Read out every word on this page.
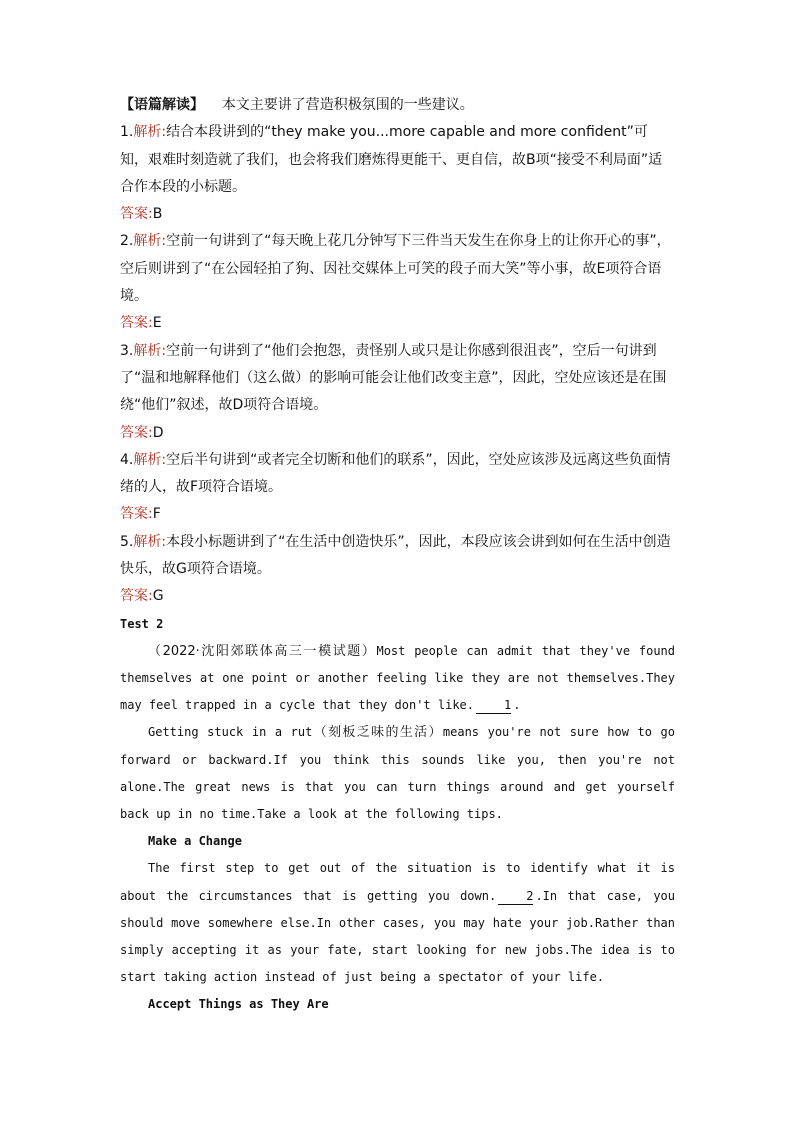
【语篇解读】 本文主要讲了营造积极氛围的一些建议。

1.解析:结合本段讲到的“they make you...more capable and more confident”可知，艰难时刻造就了我们，也会将我们磨炼得更能干、更自信，故B项“接受不利局面”适合作本段的小标题。

答案:B

2.解析:空前一句讲到了“每天晚上花几分钟写下三件当天发生在你身上的让你开心的事”，空后则讲到了“在公园轻拍了狗、因社交媒体上可笑的段子而大笑”等小事，故E项符合语境。

答案:E

3.解析:空前一句讲到了“他们会抱怨，责怪别人或只是让你感到很沮丧”，空后一句讲到了“温和地解释他们（这么做）的影响可能会让他们改变主意”，因此，空处应该还是在围绕“他们”叙述，故D项符合语境。

答案:D

4.解析:空后半句讲到“或者完全切断和他们的联系”，因此，空处应该涉及远离这些负面情绪的人，故F项符合语境。

答案:F

5.解析:本段小标题讲到了“在生活中创造快乐”，因此，本段应该会讲到如何在生活中创造快乐，故G项符合语境。

答案:G

Test 2

（2022·沈阳郊联体高三一模试题）Most people can admit that they've found themselves at one point or another feeling like they are not themselves.They may feel trapped in a cycle that they don't like.	1 .

Getting stuck in a rut（刻板乏味的生活）means you're not sure how to go forward or backward.If you think this sounds like you, then you're not alone.The great news is that you can turn things around and get yourself back up in no time.Take a look at the following tips.

Make a Change

The first step to get out of the situation is to identify what it is about the circumstances that is getting you down.	2 .In that case, you should move somewhere else.In other cases, you may hate your job.Rather than simply accepting it as your fate, start looking for new jobs.The idea is to start taking action instead of just being a spectator of your life.

Accept Things as They Are
